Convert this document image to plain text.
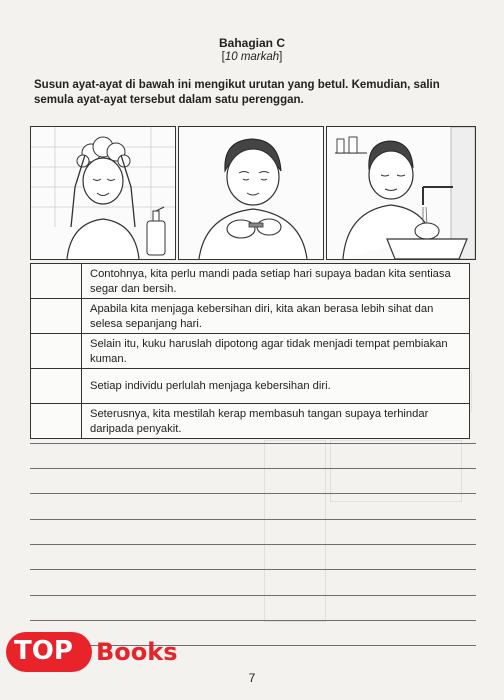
Bahagian C
[10 markah]
Susun ayat-ayat di bawah ini mengikut urutan yang betul. Kemudian, salin semula ayat-ayat tersebut dalam satu perenggan.
Contohnya, kita perlu mandi pada setiap hari supaya badan kita sentiasa segar dan bersih.
Apabila kita menjaga kebersihan diri, kita akan berasa lebih sihat dan selesa sepanjang hari.
Selain itu, kuku haruslah dipotong agar tidak menjadi tempat pembiakan kuman.
Setiap individu perlulah menjaga kebersihan diri.
Seterusnya, kita mestilah kerap membasuh tangan supaya terhindar daripada penyakit.
7
TOP Books
